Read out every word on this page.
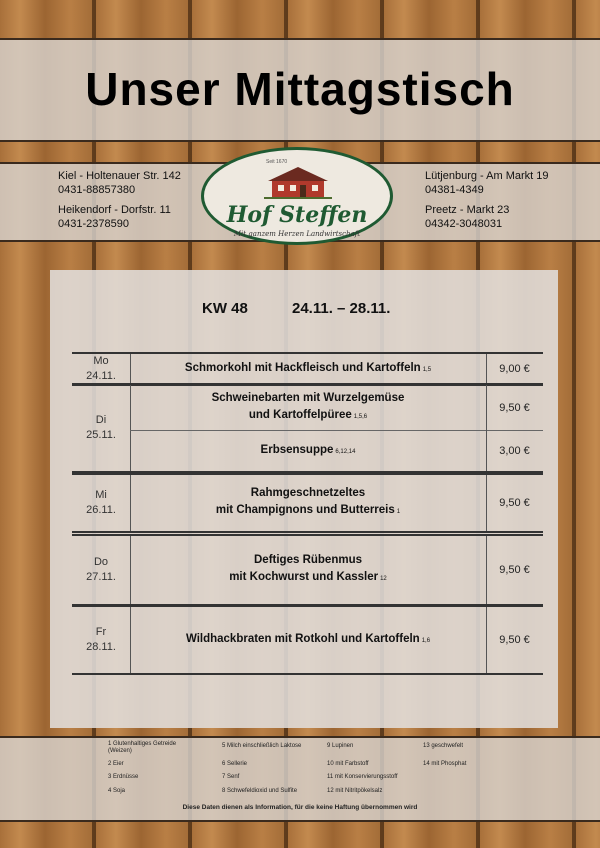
Unser Mittagstisch
Kiel - Holtenauer Str. 142
0431-88857380
Heikendorf - Dorfstr. 11
0431-2378590
Lütjenburg - Am Markt 19
04381-4349
Preetz - Markt 23
04342-3048031
Seit 1670
Hof Steffen
Mit ganzem Herzen Landwirtschaft
KW 48	24.11. – 28.11.
Mo
24.11.
Schmorkohl mit Hackfleisch und Kartoffeln 1,5	9,00 €
Di
25.11.
Schweinebarten mit Wurzelgemüse
und Kartoffelpüree 1,5,6
9,50 €
Erbsensuppe 6,12,14	3,00 €
Mi
26.11.
Rahmgeschnetzeltes
mit Champignons und Butterreis 1
9,50 €
Do
27.11.
Deftiges Rübenmus
mit Kochwurst und Kassler 12
9,50 €
Fr
28.11.
Wildhackbraten mit Rotkohl und Kartoffeln 1,6	9,50 €
1 Glutenhaltiges Getreide
(Weizen)
2 Eier
3 Erdnüsse
4 Soja
5 Milch einschließlich Laktose
6 Sellerie
7 Senf
8 Schwefeldioxid und Sulfite
9 Lupinen
10 mit Farbstoff
11 mit Konservierungsstoff
12 mit Nitritpökelsalz
13 geschwefelt
14 mit Phosphat
Diese Daten dienen als Information, für die keine Haftung übernommen wird
